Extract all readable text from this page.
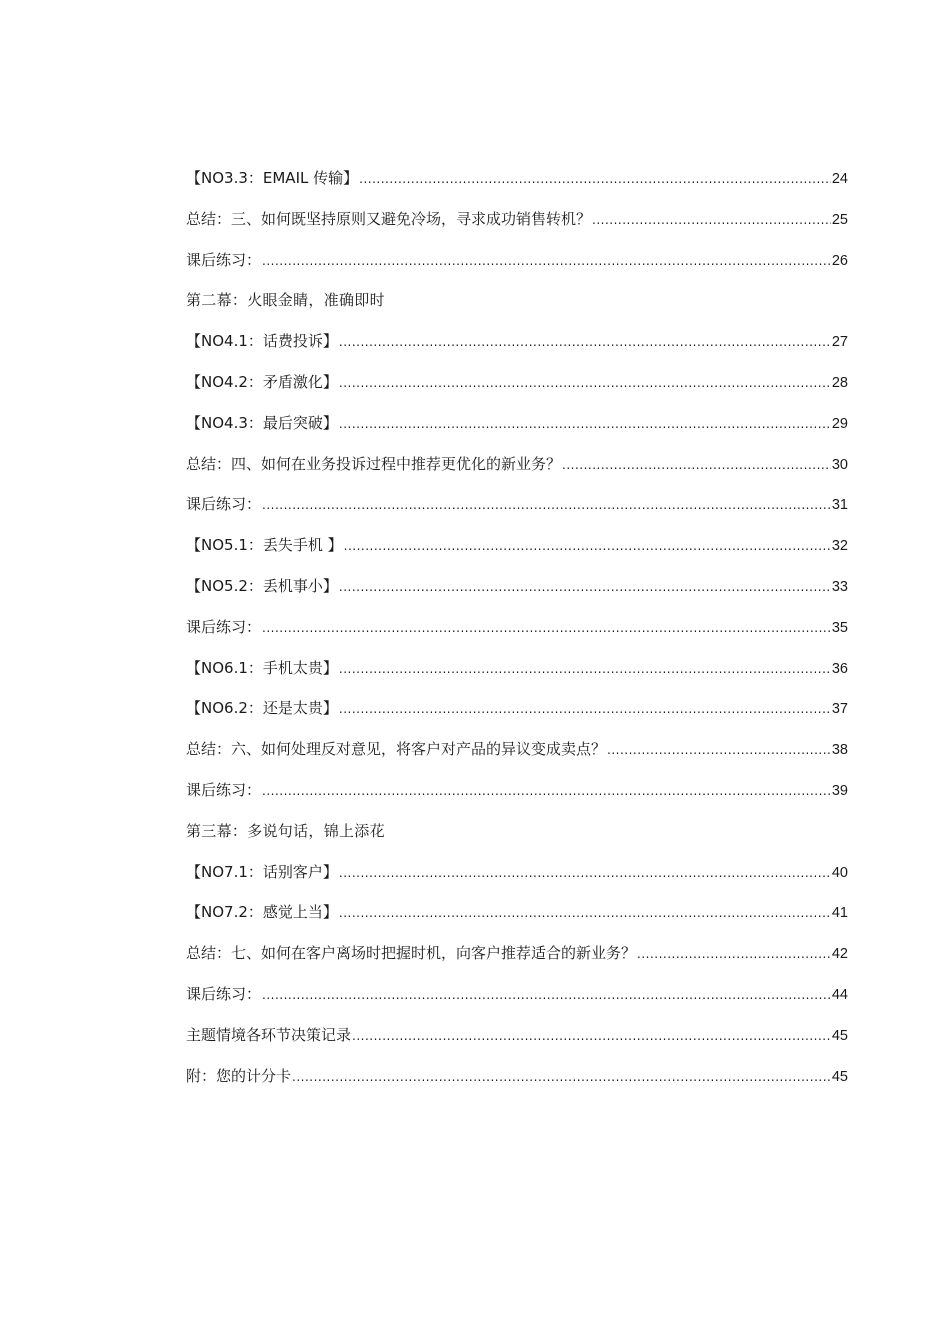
【NO3.3：EMAIL 传输】 .....	24
总结：三、如何既坚持原则又避免冷场，寻求成功销售转机？ .....	25
课后练习： .....	26
第二幕：火眼金睛，准确即时
【NO4.1：话费投诉】 .....	27
【NO4.2：矛盾激化】 .....	28
【NO4.3：最后突破】 .....	29
总结：四、如何在业务投诉过程中推荐更优化的新业务？ .....	30
课后练习： .....	31
【NO5.1：丢失手机 】 .....	32
【NO5.2：丢机事小】 .....	33
课后练习： .....	35
【NO6.1：手机太贵】 .....	36
【NO6.2：还是太贵】 .....	37
总结：六、如何处理反对意见，将客户对产品的异议变成卖点？ .....	38
课后练习： .....	39
第三幕：多说句话，锦上添花
【NO7.1：话别客户】 .....	40
【NO7.2：感觉上当】 .....	41
总结：七、如何在客户离场时把握时机，向客户推荐适合的新业务？ .....	42
课后练习： .....	44
主题情境各环节决策记录 .....	45
附：您的计分卡 .....	45
